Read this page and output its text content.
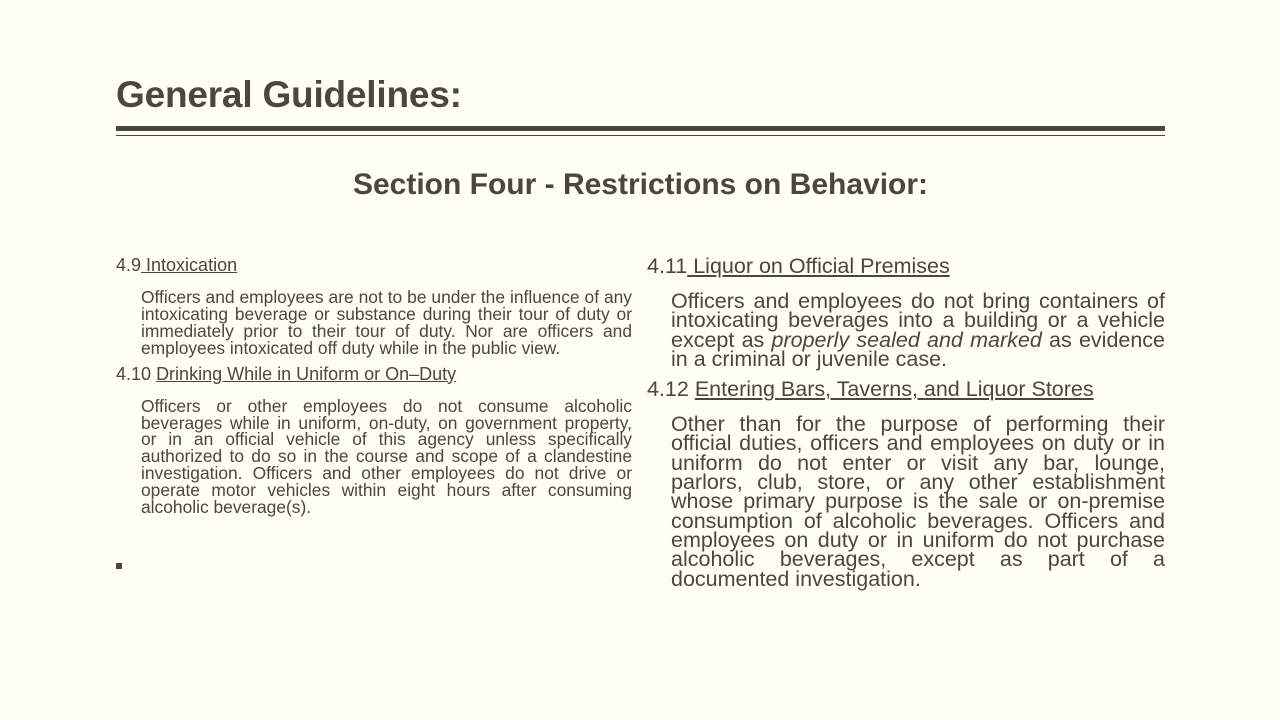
General Guidelines:
Section Four - Restrictions on Behavior:

4.9 Intoxication

Officers and employees are not to be under the influence of any intoxicating beverage or substance during their tour of duty or immediately prior to their tour of duty. Nor are officers and employees intoxicated off duty while in the public view.

4.10 Drinking While in Uniform or On–Duty

Officers or other employees do not consume alcoholic beverages while in uniform, on-duty, on government property, or in an official vehicle of this agency unless specifically authorized to do so in the course and scope of a clandestine investigation. Officers and other employees do not drive or operate motor vehicles within eight hours after consuming alcoholic beverage(s).

4.11 Liquor on Official Premises

Officers and employees do not bring containers of intoxicating beverages into a building or a vehicle except as properly sealed and marked as evidence in a criminal or juvenile case.

4.12 Entering Bars, Taverns, and Liquor Stores

Other than for the purpose of performing their official duties, officers and employees on duty or in uniform do not enter or visit any bar, lounge, parlors, club, store, or any other establishment whose primary purpose is the sale or on-premise consumption of alcoholic beverages. Officers and employees on duty or in uniform do not purchase alcoholic beverages, except as part of a documented investigation.
